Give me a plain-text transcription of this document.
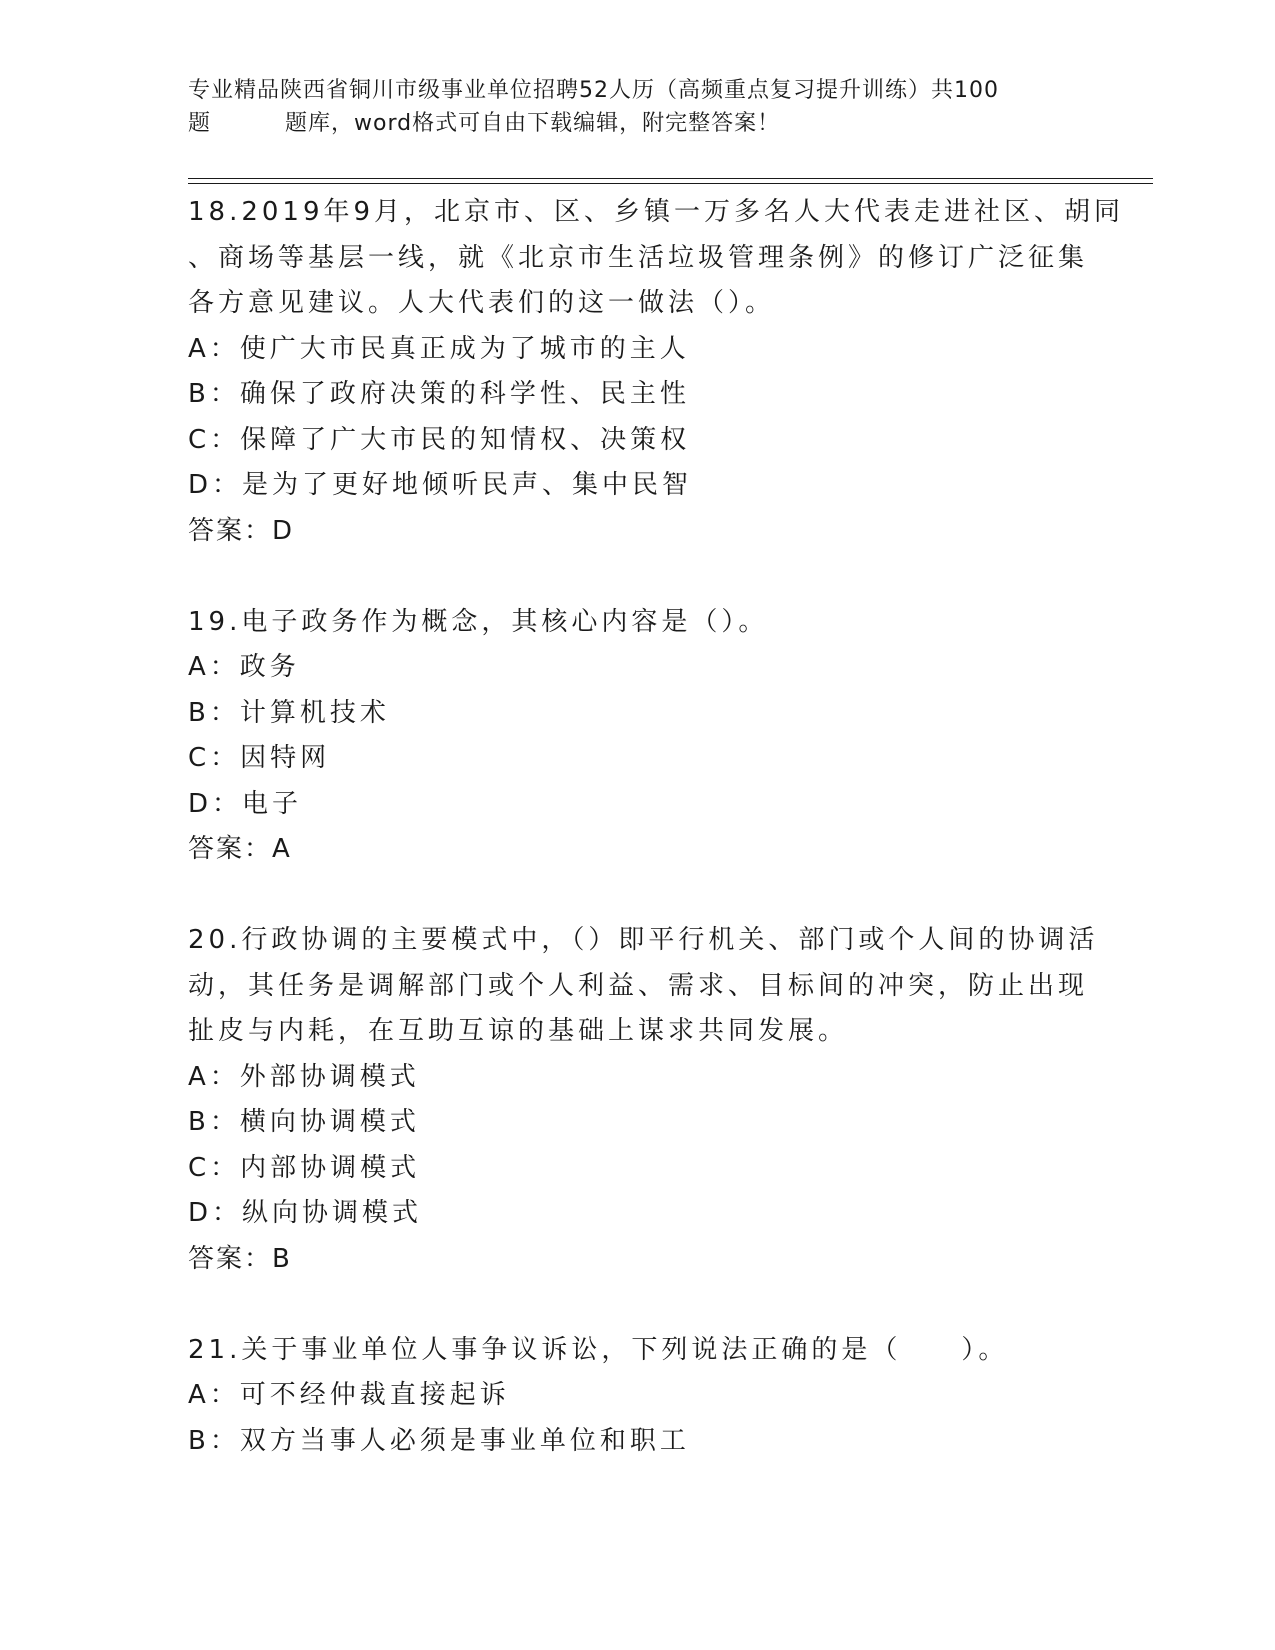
专业精品陕西省铜川市级事业单位招聘52人历（高频重点复习提升训练）共100
题	题库，word格式可自由下载编辑，附完整答案！
18.2019年9月，北京市、区、乡镇一万多名人大代表走进社区、胡同
、商场等基层一线，就《北京市生活垃圾管理条例》的修订广泛征集
各方意见建议。人大代表们的这一做法（）。
A：使广大市民真正成为了城市的主人
B：确保了政府决策的科学性、民主性
C：保障了广大市民的知情权、决策权
D：是为了更好地倾听民声、集中民智
答案：D
19.电子政务作为概念，其核心内容是（）。
A：政务
B：计算机技术
C：因特网
D：电子
答案：A
20.行政协调的主要模式中，（）即平行机关、部门或个人间的协调活
动，其任务是调解部门或个人利益、需求、目标间的冲突，防止出现
扯皮与内耗，在互助互谅的基础上谋求共同发展。
A：外部协调模式
B：横向协调模式
C：内部协调模式
D：纵向协调模式
答案：B
21.关于事业单位人事争议诉讼，下列说法正确的是（　　）。
A：可不经仲裁直接起诉
B：双方当事人必须是事业单位和职工
